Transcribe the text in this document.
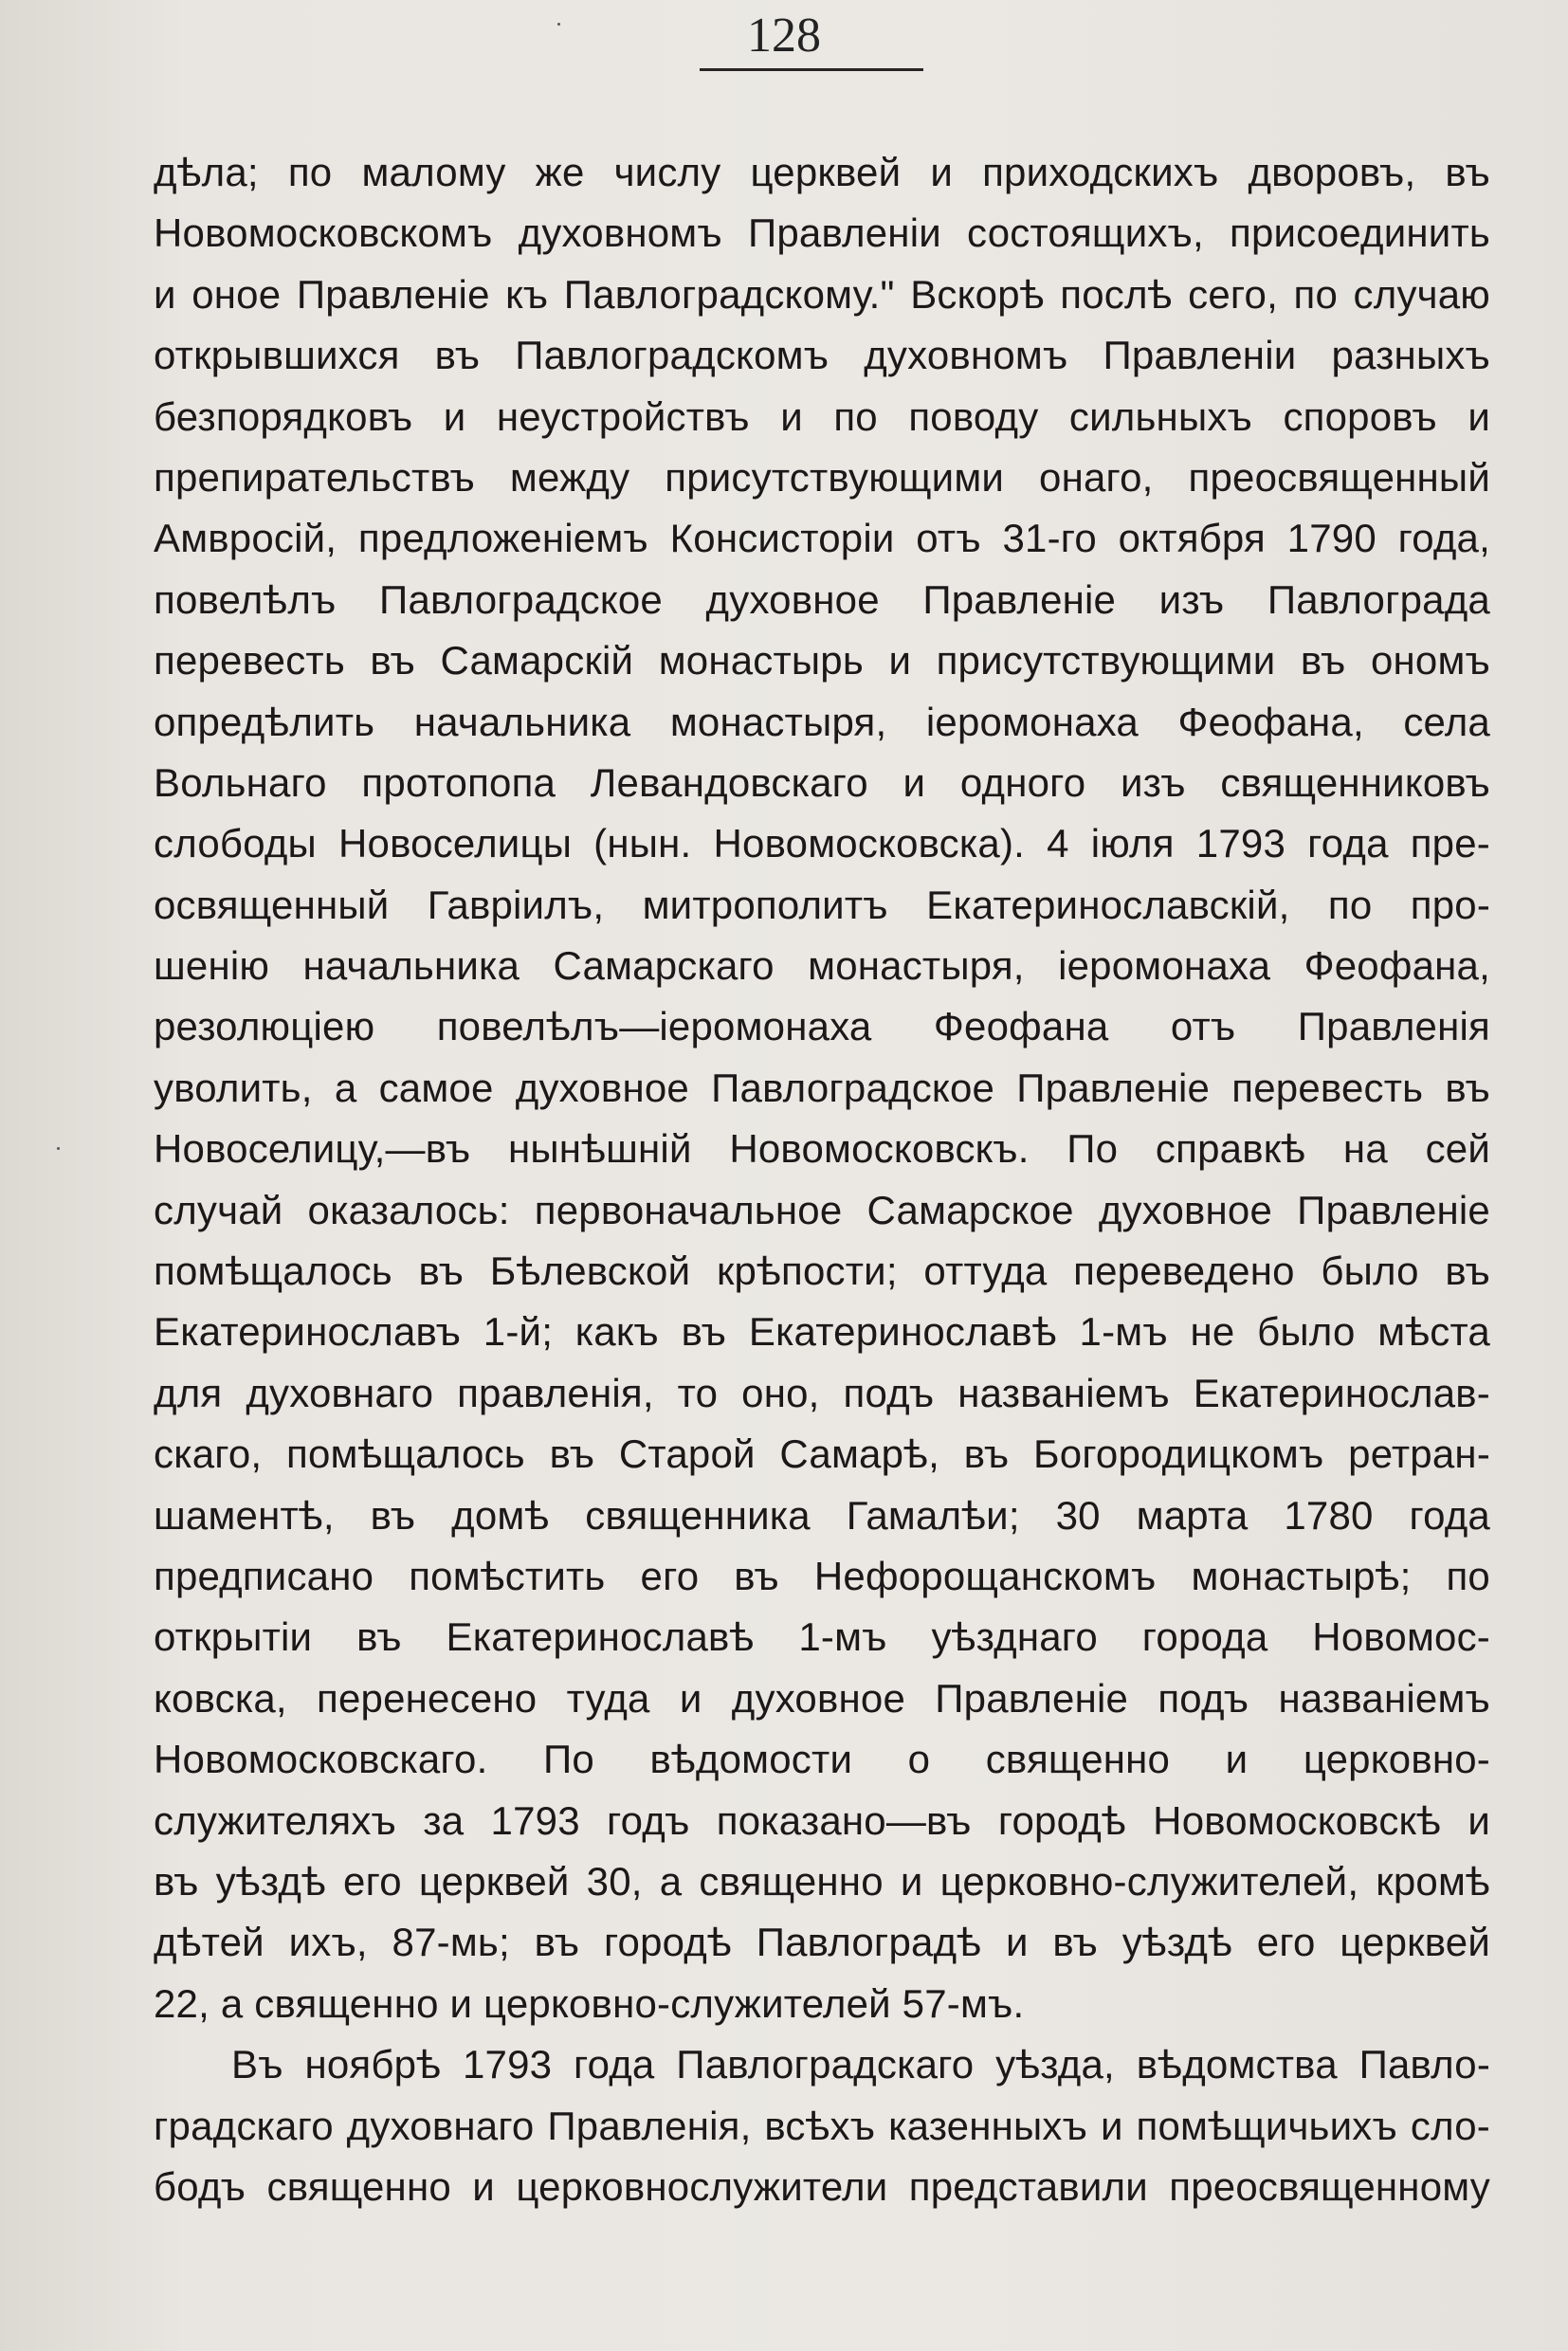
128
дѣла; по малому же числу церквей и приходскихъ дворовъ, въ
Новомосковскомъ духовномъ Правленіи состоящихъ, присоединить
и оное Правленіе къ Павлоградскому." Вскорѣ послѣ сего, по случаю
открывшихся въ Павлоградскомъ духовномъ Правленіи разныхъ
безпорядковъ и неустройствъ и по поводу сильныхъ споровъ и
препирательствъ между присутствующими онаго, преосвященный
Амвросій, предложеніемъ Консисторіи отъ 31-го октября 1790 года,
повелѣлъ Павлоградское духовное Правленіе изъ Павлограда
перевесть въ Самарскій монастырь и присутствующими въ ономъ
опредѣлить начальника монастыря, іеромонаха Феофана, села
Вольнаго протопопа Левандовскаго и одного изъ священниковъ
слободы Новоселицы (нын. Новомосковска). 4 іюля 1793 года пре-
освященный Гавріилъ, митрополитъ Екатеринославскій, по про-
шенію начальника Самарскаго монастыря, іеромонаха Феофана,
резолюціею повелѣлъ—іеромонаха Феофана отъ Правленія
уволить, а самое духовное Павлоградское Правленіе перевесть въ
Новоселицу,—въ нынѣшній Новомосковскъ. По справкѣ на сей
случай оказалось: первоначальное Самарское духовное Правленіе
помѣщалось въ Бѣлевской крѣпости; оттуда переведено было въ
Екатеринославъ 1-й; какъ въ Екатеринославѣ 1-мъ не было мѣста
для духовнаго правленія, то оно, подъ названіемъ Екатеринослав-
скаго, помѣщалось въ Старой Самарѣ, въ Богородицкомъ ретран-
шаментѣ, въ домѣ священника Гамалѣи; 30 марта 1780 года
предписано помѣстить его въ Нефорощанскомъ монастырѣ; по
открытіи въ Екатеринославѣ 1-мъ уѣзднаго города Новомос-
ковска, перенесено туда и духовное Правленіе подъ названіемъ
Новомосковскаго. По вѣдомости о священно и церковно-
служителяхъ за 1793 годъ показано—въ городѣ Новомосковскѣ и
въ уѣздѣ его церквей 30, а священно и церковно-служителей, кромѣ
дѣтей ихъ, 87-мь; въ городѣ Павлоградѣ и въ уѣздѣ его церквей
22, а священно и церковно-служителей 57-мъ.
Въ ноябрѣ 1793 года Павлоградскаго уѣзда, вѣдомства Павло-
градскаго духовнаго Правленія, всѣхъ казенныхъ и помѣщичьихъ сло-
бодъ священно и церковнослужители представили преосвященному
